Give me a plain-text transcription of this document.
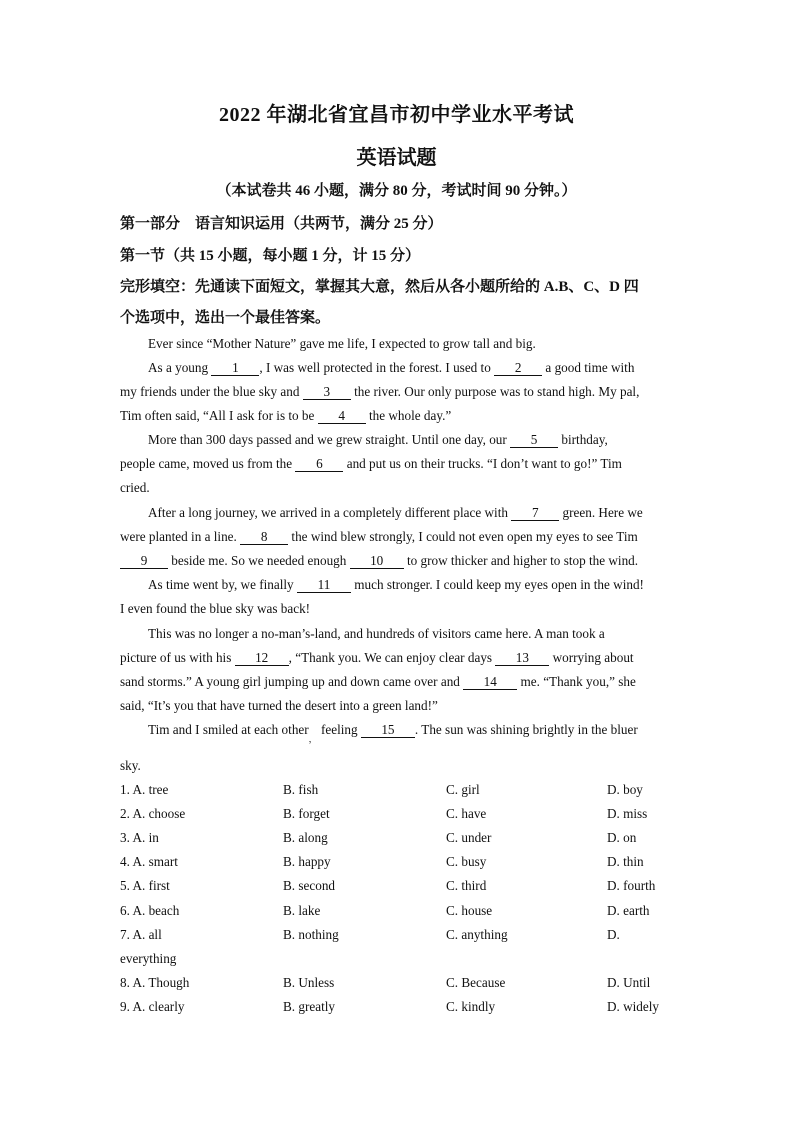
2022 年湖北省宜昌市初中学业水平考试
英语试题
（本试卷共 46 小题，满分 80 分，考试时间 90 分钟。）
第一部分　语言知识运用（共两节，满分 25 分）
第一节（共 15 小题，每小题 1 分，计 15 分）
完形填空：先通读下面短文，掌握其大意，然后从各小题所给的 A.B、C、D 四
个选项中，选出一个最佳答案。
Ever since “Mother Nature” gave me life, I expected to grow tall and big.
As a young 1 , I was well protected in the forest. I used to 2 a good time with
my friends under the blue sky and 3 the river. Our only purpose was to stand high. My pal,
Tim often said, “All I ask for is to be 4 the whole day.”
More than 300 days passed and we grew straight. Until one day, our 5 birthday,
people came, moved us from the 6 and put us on their trucks. “I don’t want to go!” Tim
cried.
After a long journey, we arrived in a completely different place with 7 green. Here we
were planted in a line. 8 the wind blew strongly, I could not even open my eyes to see Tim
9 beside me. So we needed enough 10 to grow thicker and higher to stop the wind.
As time went by, we finally 11 much stronger. I could keep my eyes open in the wind!
I even found the blue sky was back!
This was no longer a no-man’s-land, and hundreds of visitors came here. A man took a
picture of us with his 12 , “Thank you. We can enjoy clear days 13 worrying about
sand storms.” A young girl jumping up and down came over and 14 me. “Thank you,” she
said, “It’s you that have turned the desert into a green land!”
Tim and I smiled at each other$_,$ feeling 15 . The sun was shining brightly in the bluer
sky.
1. A. tree	B. fish	C. girl	D. boy
2. A. choose	B. forget	C. have	D. miss
3. A. in	B. along	C. under	D. on
4. A. smart	B. happy	C. busy	D. thin
5. A. first	B. second	C. third	D. fourth
6. A. beach	B. lake	C. house	D. earth
7. A. all	B. nothing	C. anything	D.
everything
8. A. Though	B. Unless	C. Because	D. Until
9. A. clearly	B. greatly	C. kindly	D. widely
